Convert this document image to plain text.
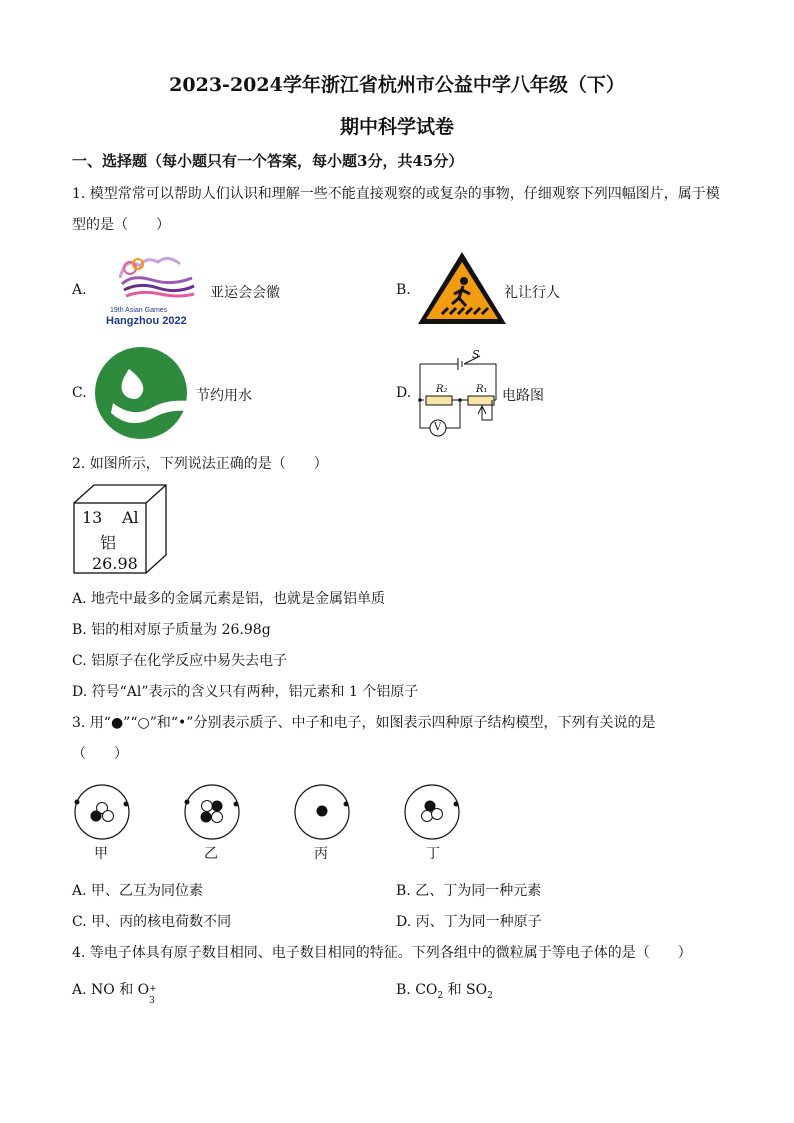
2023-2024学年浙江省杭州市公益中学八年级（下）
期中科学试卷
一、选择题（每小题只有一个答案，每小题3分，共45分）
1. 模型常常可以帮助人们认识和理解一些不能直接观察的或复杂的事物，仔细观察下列四幅图片，属于模
型的是（　　）
A.
19th Asian Games
Hangzhou 2022
亚运会会徽	B.	礼让行人
C.	节约用水	D.
S
R₂	R₁
V
电路图
2. 如图所示，下列说法正确的是（　　）
13 Al
铝
26.98
A. 地壳中最多的金属元素是铝，也就是金属铝单质
B. 铝的相对原子质量为 26.98g
C. 铝原子在化学反应中易失去电子
D. 符号“Al”表示的含义只有两种，铝元素和 1 个铝原子
3. 用“●”“○”和“•”分别表示质子、中子和电子，如图表示四种原子结构模型，下列有关说的是
（　　）
甲	乙	丙	丁
A. 甲、乙互为同位素	B. 乙、丁为同一种元素
C. 甲、丙的核电荷数不同	D. 丙、丁为同一种原子
4. 等电子体具有原子数目相同、电子数目相同的特征。下列各组中的微粒属于等电子体的是（　　）
A. NO 和 O +
3
B. $CO_2$ 和 $SO_2$
